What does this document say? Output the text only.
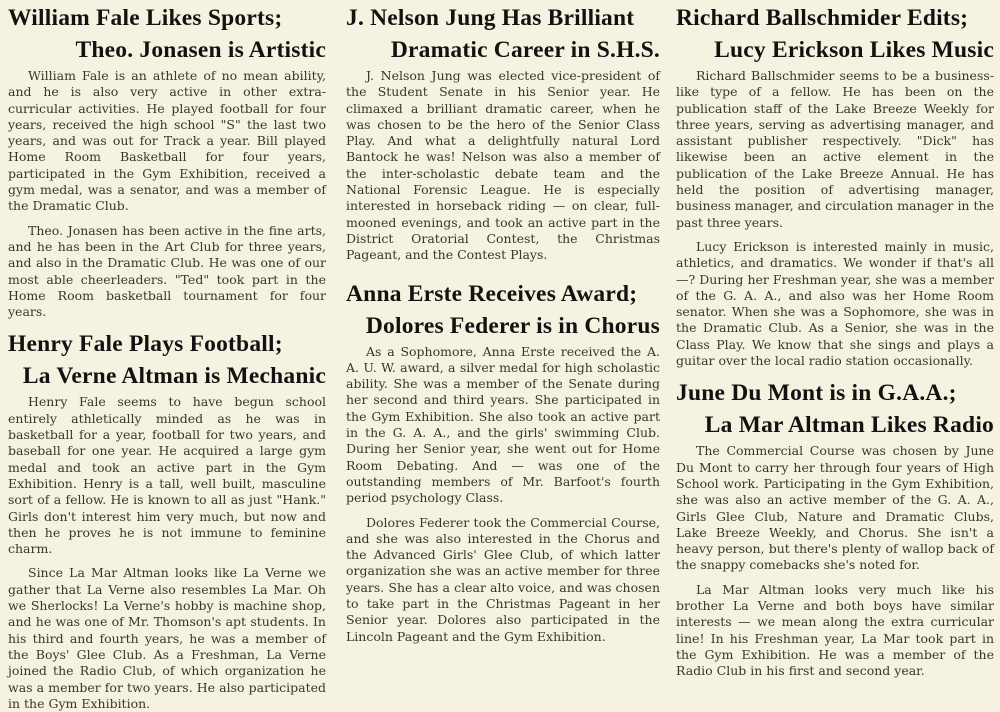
William Fale Likes Sports;
Theo. Jonasen is Artistic

William Fale is an athlete of no mean ability, and he is also very active in other extra-curricular activities. He played football for four years, received the high school "S" the last two years, and was out for Track a year. Bill played Home Room Basketball for four years, participated in the Gym Exhibition, received a gym medal, was a senator, and was a member of the Dramatic Club.

Theo. Jonasen has been active in the fine arts, and he has been in the Art Club for three years, and also in the Dramatic Club. He was one of our most able cheerleaders. "Ted" took part in the Home Room basketball tournament for four years.

Henry Fale Plays Football;
La Verne Altman is Mechanic

Henry Fale seems to have begun school entirely athletically minded as he was in basketball for a year, football for two years, and baseball for one year. He acquired a large gym medal and took an active part in the Gym Exhibition. Henry is a tall, well built, masculine sort of a fellow. He is known to all as just "Hank." Girls don't interest him very much, but now and then he proves he is not immune to feminine charm.

Since La Mar Altman looks like La Verne we gather that La Verne also resembles La Mar. Oh we Sherlocks! La Verne's hobby is machine shop, and he was one of Mr. Thomson's apt students. In his third and fourth years, he was a member of the Boys' Glee Club. As a Freshman, La Verne joined the Radio Club, of which organization he was a member for two years. He also participated in the Gym Exhibition.

J. Nelson Jung Has Brilliant
Dramatic Career in S.H.S.

J. Nelson Jung was elected vice-president of the Student Senate in his Senior year. He climaxed a brilliant dramatic career, when he was chosen to be the hero of the Senior Class Play. And what a delightfully natural Lord Bantock he was! Nelson was also a member of the inter-scholastic debate team and the National Forensic League. He is especially interested in horseback riding — on clear, full-mooned evenings, and took an active part in the District Oratorial Contest, the Christmas Pageant, and the Contest Plays.

Anna Erste Receives Award;
Dolores Federer is in Chorus

As a Sophomore, Anna Erste received the A. A. U. W. award, a silver medal for high scholastic ability. She was a member of the Senate during her second and third years. She participated in the Gym Exhibition. She also took an active part in the G. A. A., and the girls' swimming Club. During her Senior year, she went out for Home Room Debating. And — was one of the outstanding members of Mr. Barfoot's fourth period psychology Class.

Dolores Federer took the Commercial Course, and she was also interested in the Chorus and the Advanced Girls' Glee Club, of which latter organization she was an active member for three years. She has a clear alto voice, and was chosen to take part in the Christmas Pageant in her Senior year. Dolores also participated in the Lincoln Pageant and the Gym Exhibition.

Richard Ballschmider Edits;
Lucy Erickson Likes Music

Richard Ballschmider seems to be a business-like type of a fellow. He has been on the publication staff of the Lake Breeze Weekly for three years, serving as advertising manager, and assistant publisher respectively. "Dick" has likewise been an active element in the publication of the Lake Breeze Annual. He has held the position of advertising manager, business manager, and circulation manager in the past three years.

Lucy Erickson is interested mainly in music, athletics, and dramatics. We wonder if that's all—? During her Freshman year, she was a member of the G. A. A., and also was her Home Room senator. When she was a Sophomore, she was in the Dramatic Club. As a Senior, she was in the Class Play. We know that she sings and plays a guitar over the local radio station occasionally.

June Du Mont is in G.A.A.;
La Mar Altman Likes Radio

The Commercial Course was chosen by June Du Mont to carry her through four years of High School work. Participating in the Gym Exhibition, she was also an active member of the G. A. A., Girls Glee Club, Nature and Dramatic Clubs, Lake Breeze Weekly, and Chorus. She isn't a heavy person, but there's plenty of wallop back of the snappy comebacks she's noted for.

La Mar Altman looks very much like his brother La Verne and both boys have similar interests — we mean along the extra curricular line! In his Freshman year, La Mar took part in the Gym Exhibition. He was a member of the Radio Club in his first and second year.
